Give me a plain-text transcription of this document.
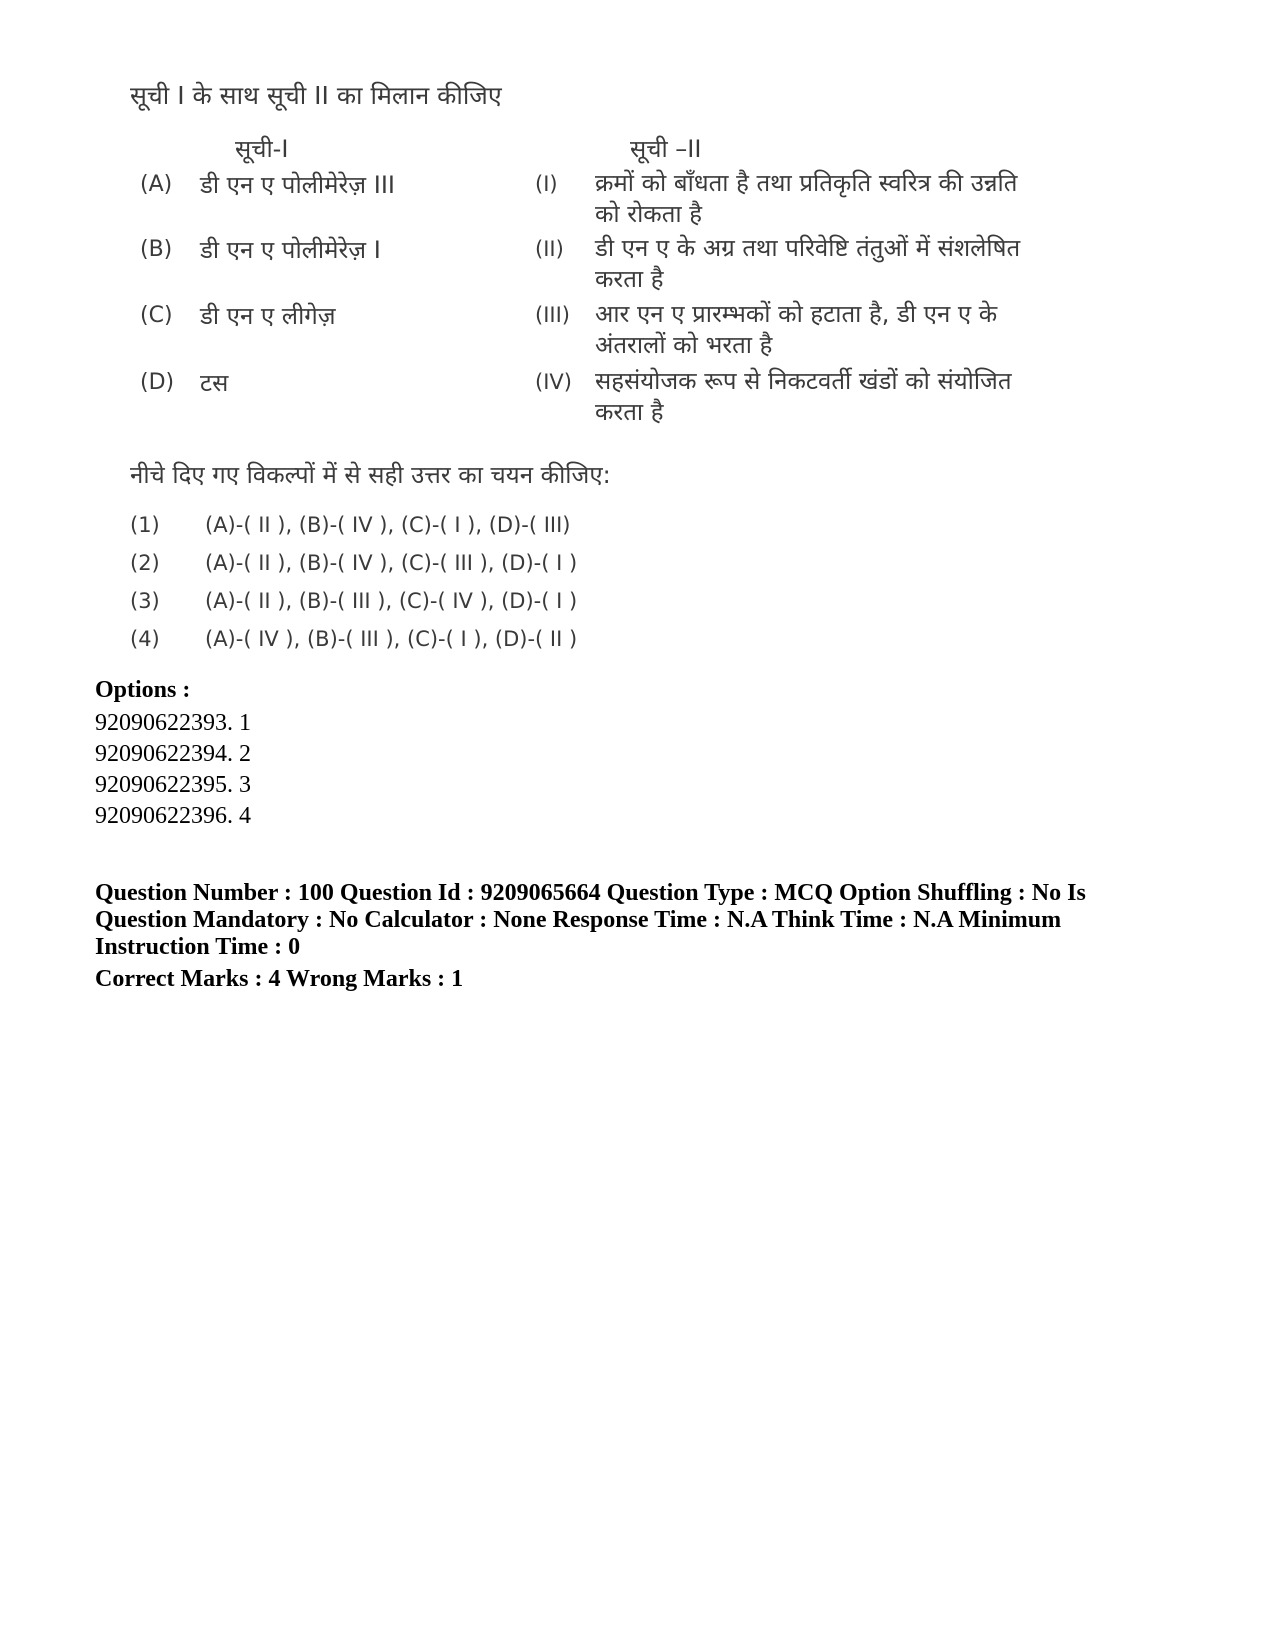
सूची I के साथ सूची II का मिलान कीजिए
सूची-I	सूची –II
(A) डी एन ए पोलीमेरेज़ III	(I) क्रमों को बाँधता है तथा प्रतिकृति स्वरित्र की उन्नति को रोकता है
(B) डी एन ए पोलीमेरेज़ I	(II) डी एन ए के अग्र तथा परिवेष्टि तंतुओं में संशलेषित करता है
(C) डी एन ए लीगेज़	(III) आर एन ए प्रारम्भकों को हटाता है, डी एन ए के अंतरालों को भरता है
(D) टस	(IV) सहसंयोजक रूप से निकटवर्ती खंडों को संयोजित करता है
नीचे दिए गए विकल्पों में से सही उत्तर का चयन कीजिए:
(1) (A)-( II ), (B)-( IV ), (C)-( I ), (D)-( III)
(2) (A)-( II ), (B)-( IV ), (C)-( III ), (D)-( I )
(3) (A)-( II ), (B)-( III ), (C)-( IV ), (D)-( I )
(4) (A)-( IV ), (B)-( III ), (C)-( I ), (D)-( II )
Options :
92090622393. 1
92090622394. 2
92090622395. 3
92090622396. 4
Question Number : 100 Question Id : 9209065664 Question Type : MCQ Option Shuffling : No Is
Question Mandatory : No Calculator : None Response Time : N.A Think Time : N.A Minimum
Instruction Time : 0
Correct Marks : 4 Wrong Marks : 1
